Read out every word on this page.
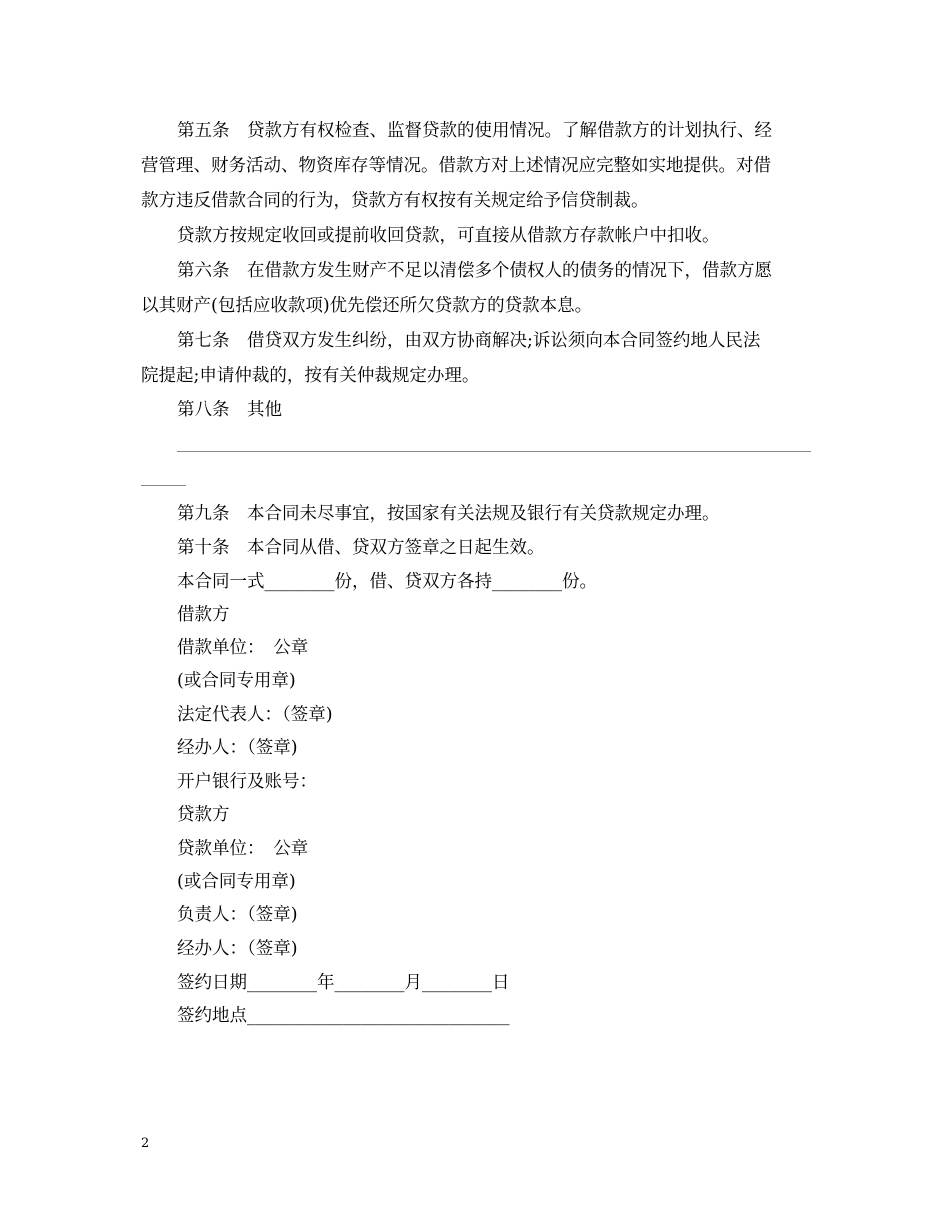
第五条　贷款方有权检查、监督贷款的使用情况。了解借款方的计划执行、经
营管理、财务活动、物资库存等情况。借款方对上述情况应完整如实地提供。对借
款方违反借款合同的行为，贷款方有权按有关规定给予信贷制裁。
贷款方按规定收回或提前收回贷款，可直接从借款方存款帐户中扣收。
第六条　在借款方发生财产不足以清偿多个债权人的债务的情况下，借款方愿
以其财产(包括应收款项)优先偿还所欠贷款方的贷款本息。
第七条　借贷双方发生纠纷，由双方协商解决;诉讼须向本合同签约地人民法
院提起;申请仲裁的，按有关仲裁规定办理。
第八条　其他
第九条　本合同未尽事宜，按国家有关法规及银行有关贷款规定办理。
第十条　本合同从借、贷双方签章之日起生效。
本合同一式________份，借、贷双方各持________份。
借款方
借款单位：　公章
(或合同专用章)
法定代表人：（签章)
经办人：（签章)
开户银行及账号：
贷款方
贷款单位：　公章
(或合同专用章)
负责人：（签章)
经办人：（签章)
签约日期________年________月________日
签约地点______________________________
2
